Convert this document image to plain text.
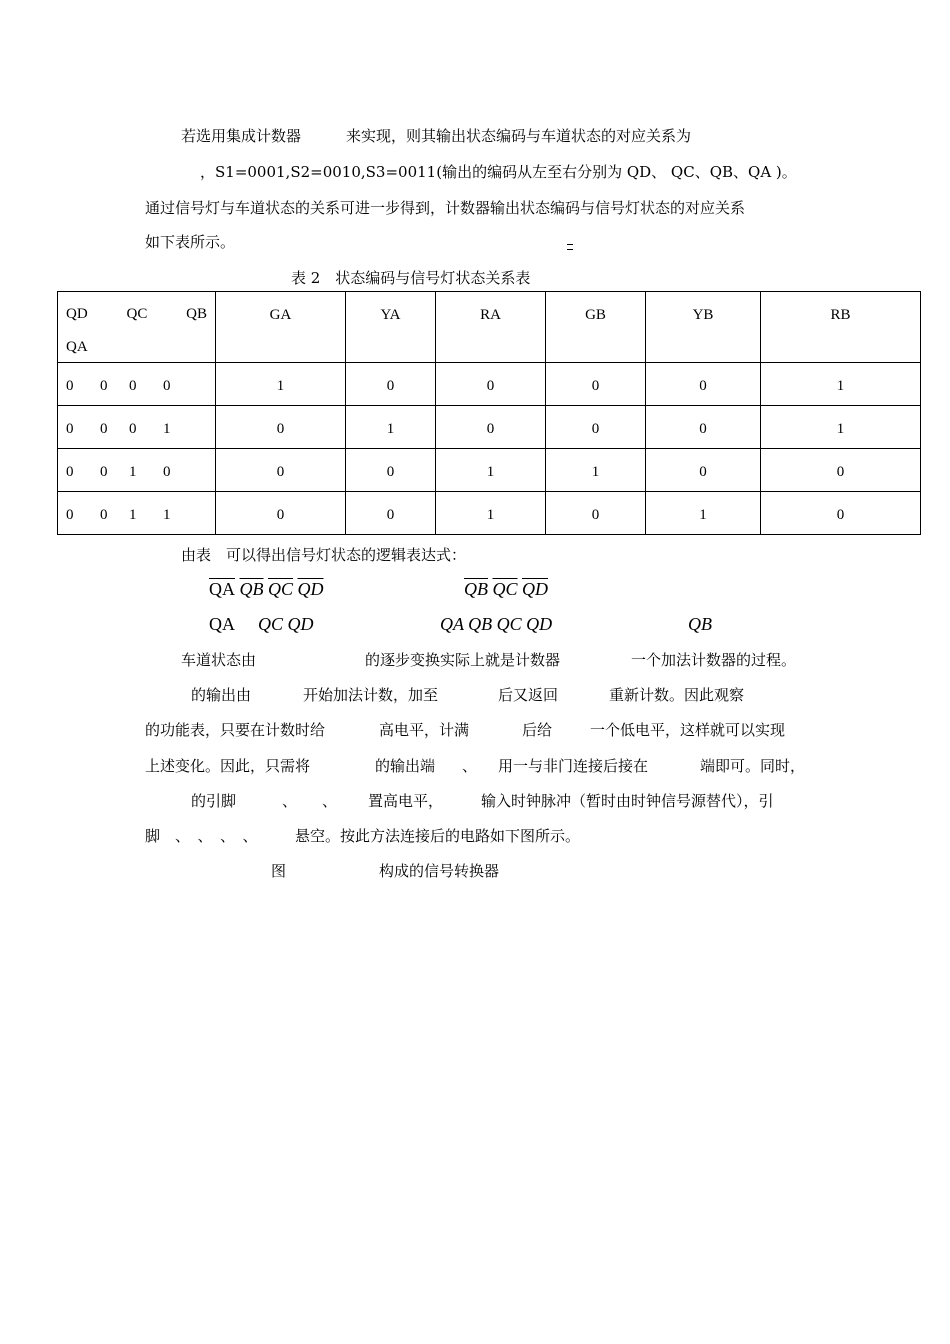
若选用集成计数器　　　来实现，则其输出状态编码与车道状态的对应关系为
，S1=0001,S2=0010,S3=0011(输出的编码从左至右分别为 QD、 QC、QB、QA )。
通过信号灯与车道状态的关系可进一步得到，计数器输出状态编码与信号灯状态的对应关系
如下表所示。
表 2　状态编码与信号灯状态关系表
QD QC QB
QA	GA	YA	RA	GB	YB	RB

0 0 0 0	1	0	0	0	0	1

0 0 0 1	0	1	0	0	0	1

0 0 1 0	0	0	1	1	0	0

0 0 1 1	0	0	1	0	1	0
由表　可以得出信号灯状态的逻辑表达式：
$\overline{QA}$ $\overline{QB}$ $\overline{QC}$ $\overline{QD}$	$\overline{QB}$ $\overline{QC}$ $\overline{QD}$
QA QC QD	QA QB QC QD	QB
车道状态由	的逐步变换实际上就是计数器	一个加法计数器的过程。
的输出由	开始加法计数，加至	后又返回	重新计数。因此观察
的功能表，只要在计数时给	高电平，计满	后给	一个低电平，这样就可以实现
上述变化。因此，只需将	的输出端 、 用一与非门连接后接在	端即可。同时，
的引脚	、 、 置高电平，	输入时钟脉冲（暂时由时钟信号源替代），引
脚 、　、　、　、 悬空。按此方法连接后的电路如下图所示。
图	构成的信号转换器
